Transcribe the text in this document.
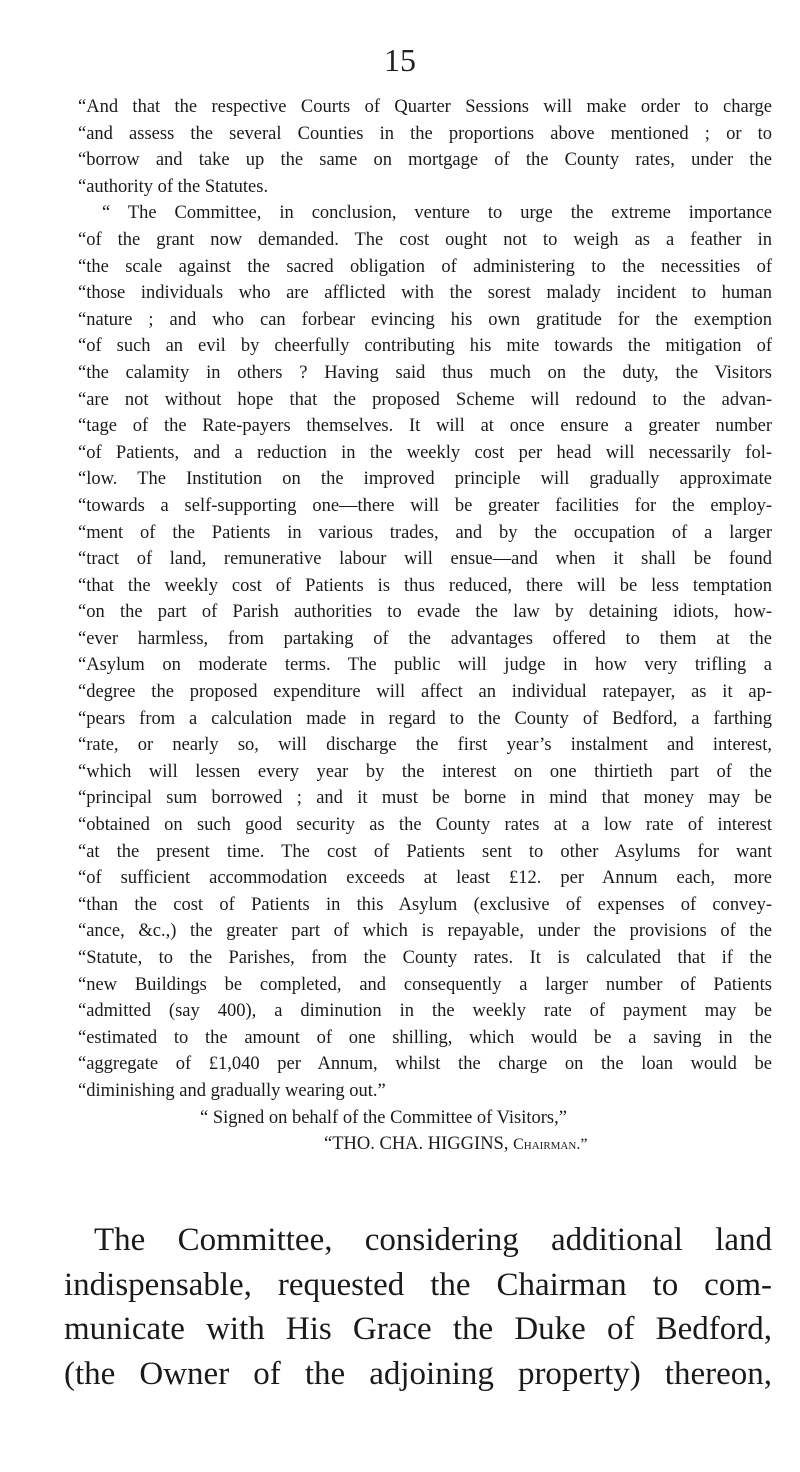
15
“And that the respective Courts of Quarter Sessions will make order to charge
“and assess the several Counties in the proportions above mentioned ; or to
“borrow and take up the same on mortgage of the County rates, under the
“authority of the Statutes.
“ The Committee, in conclusion, venture to urge the extreme importance
“of the grant now demanded. The cost ought not to weigh as a feather in
“the scale against the sacred obligation of administering to the necessities of
“those individuals who are afflicted with the sorest malady incident to human
“nature ; and who can forbear evincing his own gratitude for the exemption
“of such an evil by cheerfully contributing his mite towards the mitigation of
“the calamity in others ? Having said thus much on the duty, the Visitors
“are not without hope that the proposed Scheme will redound to the advan-
“tage of the Rate-payers themselves. It will at once ensure a greater number
“of Patients, and a reduction in the weekly cost per head will necessarily fol-
“low. The Institution on the improved principle will gradually approximate
“towards a self-supporting one—there will be greater facilities for the employ-
“ment of the Patients in various trades, and by the occupation of a larger
“tract of land, remunerative labour will ensue—and when it shall be found
“that the weekly cost of Patients is thus reduced, there will be less temptation
“on the part of Parish authorities to evade the law by detaining idiots, how-
“ever harmless, from partaking of the advantages offered to them at the
“Asylum on moderate terms. The public will judge in how very trifling a
“degree the proposed expenditure will affect an individual ratepayer, as it ap-
“pears from a calculation made in regard to the County of Bedford, a farthing
“rate, or nearly so, will discharge the first year’s instalment and interest,
“which will lessen every year by the interest on one thirtieth part of the
“principal sum borrowed ; and it must be borne in mind that money may be
“obtained on such good security as the County rates at a low rate of interest
“at the present time. The cost of Patients sent to other Asylums for want
“of sufficient accommodation exceeds at least £12. per Annum each, more
“than the cost of Patients in this Asylum (exclusive of expenses of convey-
“ance, &c.,) the greater part of which is repayable, under the provisions of the
“Statute, to the Parishes, from the County rates. It is calculated that if the
“new Buildings be completed, and consequently a larger number of Patients
“admitted (say 400), a diminution in the weekly rate of payment may be
“estimated to the amount of one shilling, which would be a saving in the
“aggregate of £1,040 per Annum, whilst the charge on the loan would be
“diminishing and gradually wearing out.”
“ Signed on behalf of the Committee of Visitors,”
“THO. CHA. HIGGINS, Chairman.”
The Committee, considering additional land
indispensable, requested the Chairman to com-
municate with His Grace the Duke of Bedford,
(the Owner of the adjoining property) thereon,
